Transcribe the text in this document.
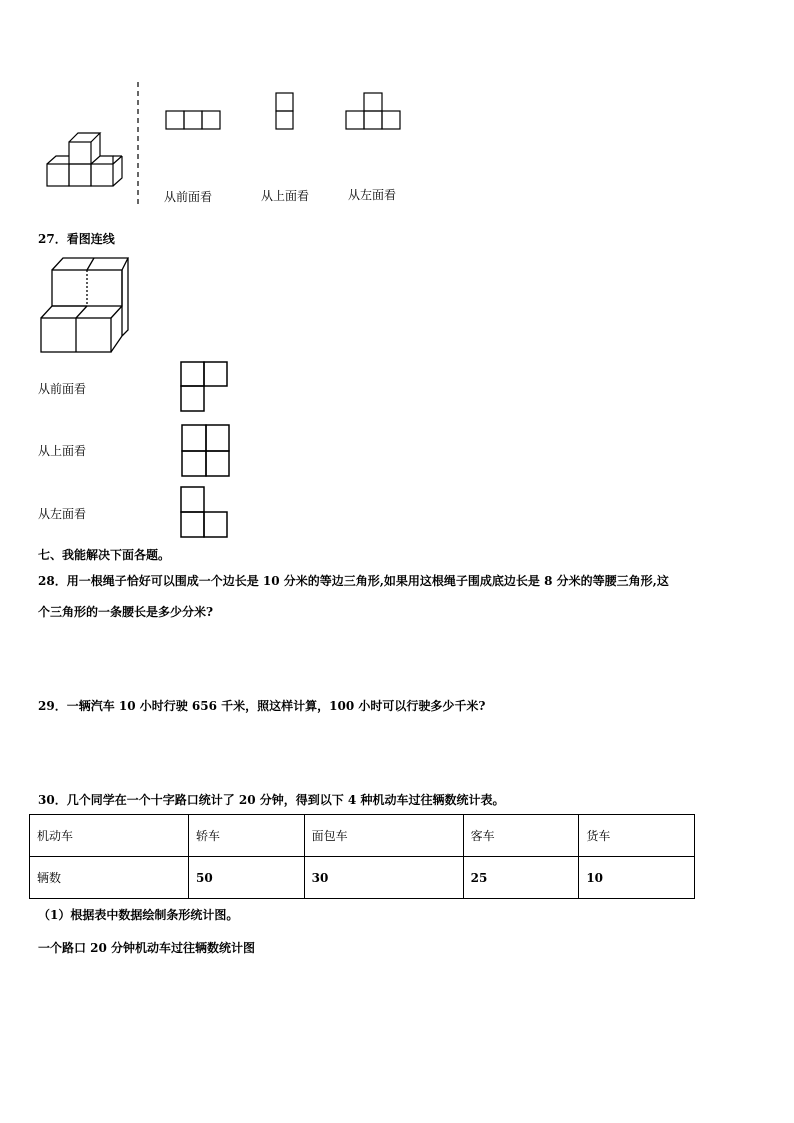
从前面看	从上面看	从左面看
27．看图连线
从前面看
从上面看
从左面看
七、我能解决下面各题。
28．用一根绳子恰好可以围成一个边长是 10 分米的等边三角形,如果用这根绳子围成底边长是 8 分米的等腰三角形,这
个三角形的一条腰长是多少分米?
29．一辆汽车 10 小时行驶 656 千米，照这样计算，100 小时可以行驶多少千米?
30．几个同学在一个十字路口统计了 20 分钟，得到以下 4 种机动车过往辆数统计表。
机动车	轿车	面包车	客车	货车
辆数	50	30	25	10
（1）根据表中数据绘制条形统计图。
一个路口 20 分钟机动车过往辆数统计图
